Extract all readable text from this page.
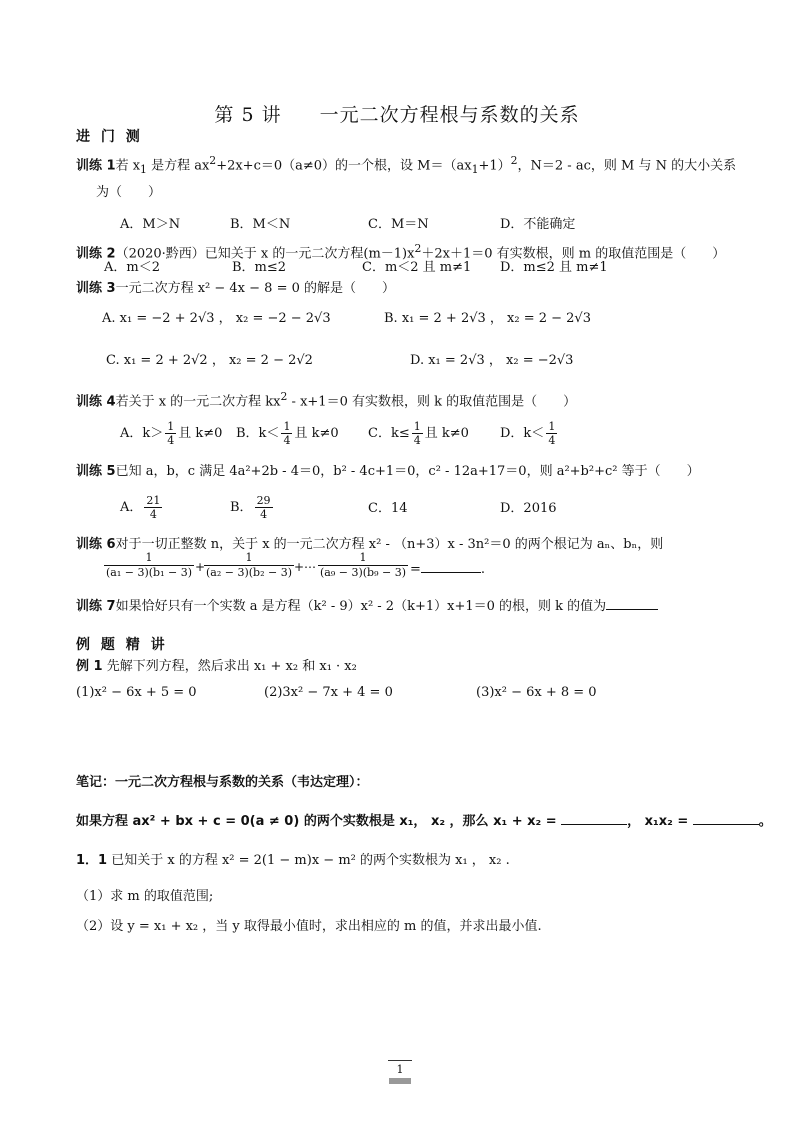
第 5 讲 一元二次方程根与系数的关系
进 门 测
训练 1若 $x_1$ 是方程 $ax^2+2x+c=0(a\ne 0)$的一个根，设 $M=(ax_1+1)^2$，N＝2 - ac，则 M 与 N 的大小关系
为（　　）
A．M＞N	B．M＜N	C．M＝N	D．不能确定
训练 2（2020·黔西）已知关于 x 的一元二次方程$(m-1)x^2+2x+1=0$ 有实数根，则 m 的取值范围是（　　）
A．m＜2	B．m≤2	C．m＜2 且 m≠1 D．m≤2 且 m≠1
训练 3一元二次方程 x² − 4x − 8 = 0 的解是（　　）
A. x₁ = −2 + 2√3 ， x₂ = −2 − 2√3	B. x₁ = 2 + 2√3 ， x₂ = 2 − 2√3
C. x₁ = 2 + 2√2 ， x₂ = 2 − 2√2	D. x₁ = 2√3 ， x₂ = −2√3
训练 4若关于 x 的一元二次方程 $kx^2 - x+1=0$ 有实数根，则 k 的取值范围是（　　）
A．$k> \frac{1}{4}$ 且 k≠0 B．$k< \frac{1}{4}$ 且 k≠0 C．$k\le \frac{1}{4}$ 且 k≠0 D．$k< \frac{1}{4}$
训练 5已知 a，b，c 满足 4a²+2b - 4＝0，b² - 4c+1＝0，c² - 12a+17＝0，则 a²+b²+c² 等于（　　）
A． $\frac{21}{4}$	B． $\frac{29}{4}$	C．14	D．2016
训练 6对于一切正整数 n，关于 x 的一元二次方程 x² - （n+3）x - 3n²＝0 的两个根记为 aₙ、bₙ，则
$\frac{1}{\text{(a₁ − 3)(b₁ − 3)}}$ +
$\frac{1}{\text{(a₂ − 3)(b₂ − 3)}}$ +⋯ $\frac{1}{\text{(a₉ − 3)(b₉ − 3)}}$ =	.
训练 7如果恰好只有一个实数 a 是方程（k² - 9）x² - 2（k+1）x+1＝0 的根，则 k 的值为
例 题 精 讲
例 1 先解下列方程，然后求出 x₁ + x₂ 和 x₁ · x₂
(1)x² − 6x + 5 = 0	(2)3x² − 7x + 4 = 0	(3)x² − 6x + 8 = 0
笔记：一元二次方程根与系数的关系（韦达定理）：
如果方程 ax² + bx + c = 0(a ≠ 0) 的两个实数根是 x₁， x₂ ，那么 x₁ + x₂ =	， x₁x₂ =	。
1．1 已知关于 x 的方程 x² = 2(1 − m)x − m² 的两个实数根为 x₁ ， x₂ .
（1）求 m 的取值范围;
（2）设 y = x₁ + x₂ ，当 y 取得最小值时，求出相应的 m 的值，并求出最小值.
1
